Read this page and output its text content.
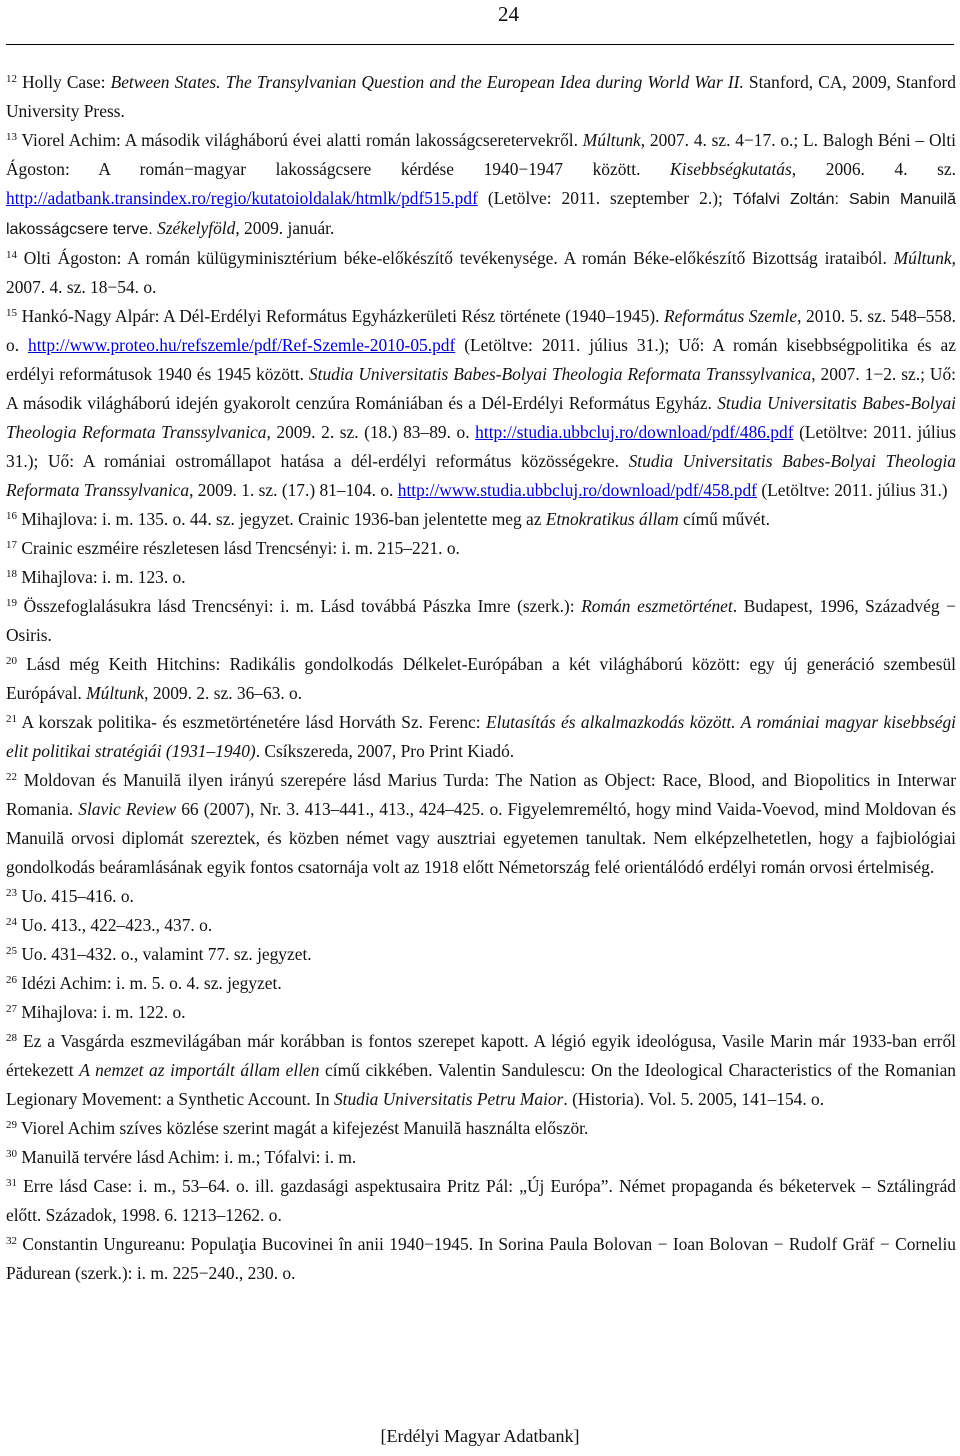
24

$^{12}$ Holly Case: Between States. The Transylvanian Question and the European Idea during World War II. Stanford, CA, 2009, Stanford University Press.

$^{13}$ Viorel Achim: A második világháború évei alatti román lakosságcseretervekről. Múltunk, 2007. 4. sz. 4−17. o.; L. Balogh Béni – Olti Ágoston: A román−magyar lakosságcsere kérdése 1940−1947 között. Kisebbségkutatás, 2006. 4. sz. http://adatbank.transindex.ro/regio/kutatoioldalak/htmlk/pdf515.pdf (Letölve: 2011. szeptember 2.); Tófalvi Zoltán: Sabin Manuilă lakosságcsere terve. Székelyföld, 2009. január.

$^{14}$ Olti Ágoston: A román külügyminisztérium béke-előkészítő tevékenysége. A román Béke-előkészítő Bizottság irataiból. Múltunk, 2007. 4. sz. 18−54. o.

$^{15}$ Hankó-Nagy Alpár: A Dél-Erdélyi Református Egyházkerületi Rész története (1940–1945). Református Szemle, 2010. 5. sz. 548–558. o. http://www.proteo.hu/refszemle/pdf/Ref-Szemle-2010-05.pdf (Letöltve: 2011. július 31.); Uő: A román kisebbségpolitika és az erdélyi reformátusok 1940 és 1945 között. Studia Universitatis Babes-Bolyai Theologia Reformata Transsylvanica, 2007. 1−2. sz.; Uő: A második világháború idején gyakorolt cenzúra Romániában és a Dél-Erdélyi Református Egyház. Studia Universitatis Babes-Bolyai Theologia Reformata Transsylvanica, 2009. 2. sz. (18.) 83–89. o. http://studia.ubbcluj.ro/download/pdf/486.pdf (Letöltve: 2011. július 31.); Uő: A romániai ostromállapot hatása a dél-erdélyi református közösségekre. Studia Universitatis Babes-Bolyai Theologia Reformata Transsylvanica, 2009. 1. sz. (17.) 81–104. o. http://www.studia.ubbcluj.ro/download/pdf/458.pdf (Letöltve: 2011. július 31.)

$^{16}$ Mihajlova: i. m. 135. o. 44. sz. jegyzet. Crainic 1936-ban jelentette meg az Etnokratikus állam című művét.

$^{17}$ Crainic eszméire részletesen lásd Trencsényi: i. m. 215–221. o.

$^{18}$ Mihajlova: i. m. 123. o.

$^{19}$ Összefoglalásukra lásd Trencsényi: i. m. Lásd továbbá Pászka Imre (szerk.): Román eszmetörténet. Budapest, 1996, Századvég − Osiris.

$^{20}$ Lásd még Keith Hitchins: Radikális gondolkodás Délkelet-Európában a két világháború között: egy új generáció szembesül Európával. Múltunk, 2009. 2. sz. 36–63. o.

$^{21}$ A korszak politika- és eszmetörténetére lásd Horváth Sz. Ferenc: Elutasítás és alkalmazkodás között. A romániai magyar kisebbségi elit politikai stratégiái (1931–1940). Csíkszereda, 2007, Pro Print Kiadó.

$^{22}$ Moldovan és Manuilă ilyen irányú szerepére lásd Marius Turda: The Nation as Object: Race, Blood, and Biopolitics in Interwar Romania. Slavic Review 66 (2007), Nr. 3. 413–441., 413., 424–425. o. Figyelemreméltó, hogy mind Vaida-Voevod, mind Moldovan és Manuilă orvosi diplomát szereztek, és közben német vagy ausztriai egyetemen tanultak. Nem elképzelhetetlen, hogy a fajbiológiai gondolkodás beáramlásának egyik fontos csatornája volt az 1918 előtt Németország felé orientálódó erdélyi román orvosi értelmiség.

$^{23}$ Uo. 415–416. o.

$^{24}$ Uo. 413., 422–423., 437. o.

$^{25}$ Uo. 431–432. o., valamint 77. sz. jegyzet.

$^{26}$ Idézi Achim: i. m. 5. o. 4. sz. jegyzet.

$^{27}$ Mihajlova: i. m. 122. o.

$^{28}$ Ez a Vasgárda eszmevilágában már korábban is fontos szerepet kapott. A légió egyik ideológusa, Vasile Marin már 1933-ban erről értekezett A nemzet az importált állam ellen című cikkében. Valentin Sandulescu: On the Ideological Characteristics of the Romanian Legionary Movement: a Synthetic Account. In Studia Universitatis Petru Maior. (Historia). Vol. 5. 2005, 141–154. o.

$^{29}$ Viorel Achim szíves közlése szerint magát a kifejezést Manuilă használta először.

$^{30}$ Manuilă tervére lásd Achim: i. m.; Tófalvi: i. m.

$^{31}$ Erre lásd Case: i. m., 53–64. o. ill. gazdasági aspektusaira Pritz Pál: „Új Európa”. Német propaganda és béketervek – Sztálingrád előtt. Századok, 1998. 6. 1213–1262. o.

$^{32}$ Constantin Ungureanu: Populaţia Bucovinei în anii 1940−1945. In Sorina Paula Bolovan − Ioan Bolovan − Rudolf Gräf − Corneliu Pădurean (szerk.): i. m. 225−240., 230. o.

[Erdélyi Magyar Adatbank]
